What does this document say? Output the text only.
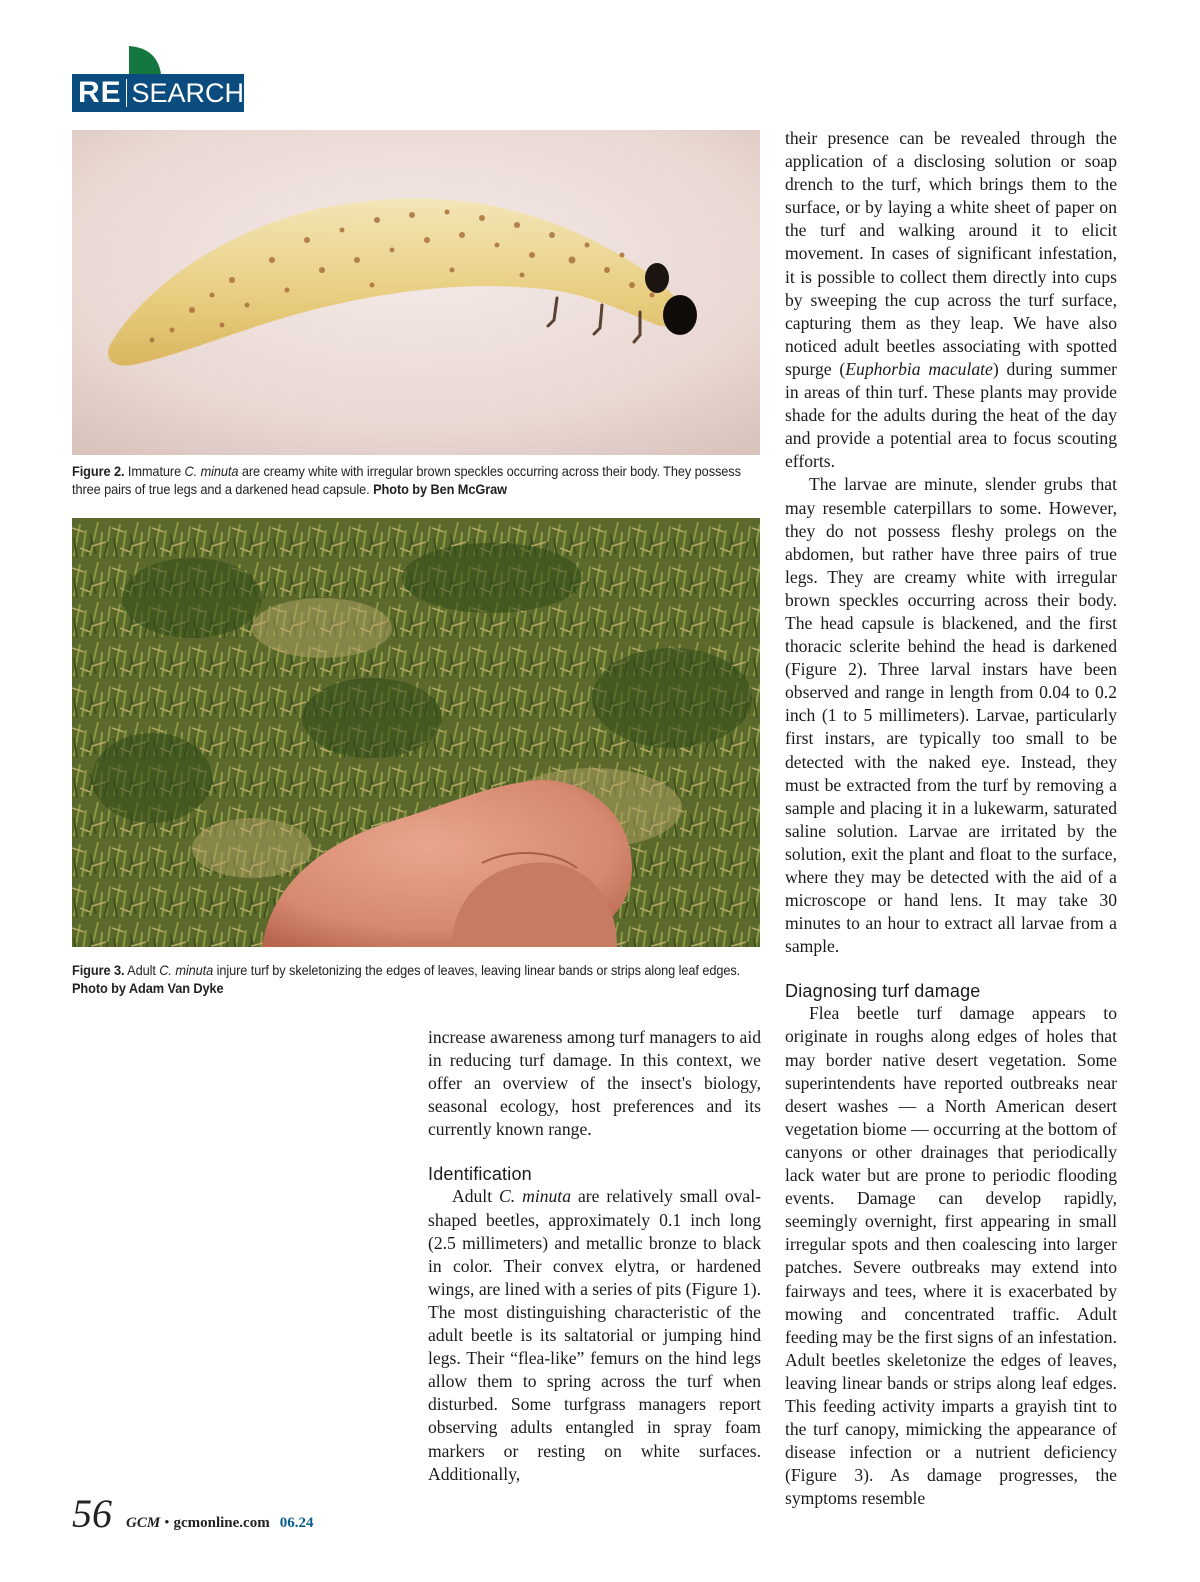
RE SEARCH
Figure 2. Immature C. minuta are creamy white with irregular brown speckles occurring across their body. They possess three pairs of true legs and a darkened head capsule. Photo by Ben McGraw
Figure 3. Adult C. minuta injure turf by skeletonizing the edges of leaves, leaving linear bands or strips along leaf edges.
Photo by Adam Van Dyke

increase awareness among turf managers to aid in reducing turf damage. In this context, we offer an overview of the insect's biology, seasonal ecology, host preferences and its currently known range.

Identification

Adult C. minuta are relatively small oval-shaped beetles, approximately 0.1 inch long (2.5 millimeters) and metallic bronze to black in color. Their convex elytra, or hardened wings, are lined with a series of pits (Figure 1). The most distinguishing characteristic of the adult beetle is its saltatorial or jumping hind legs. Their “flea-like” femurs on the hind legs allow them to spring across the turf when disturbed. Some turfgrass managers report observing adults entangled in spray foam markers or resting on white surfaces. Additionally,

their presence can be revealed through the application of a disclosing solution or soap drench to the turf, which brings them to the surface, or by laying a white sheet of paper on the turf and walking around it to elicit movement. In cases of significant infestation, it is possible to collect them directly into cups by sweeping the cup across the turf surface, capturing them as they leap. We have also noticed adult beetles associating with spotted spurge (Euphorbia maculate) during summer in areas of thin turf. These plants may provide shade for the adults during the heat of the day and provide a potential area to focus scouting efforts.

The larvae are minute, slender grubs that may resemble caterpillars to some. However, they do not possess fleshy prolegs on the abdomen, but rather have three pairs of true legs. They are creamy white with irregular brown speckles occurring across their body. The head capsule is blackened, and the first thoracic sclerite behind the head is darkened (Figure 2). Three larval instars have been observed and range in length from 0.04 to 0.2 inch (1 to 5 millimeters). Larvae, particularly first instars, are typically too small to be detected with the naked eye. Instead, they must be extracted from the turf by removing a sample and placing it in a lukewarm, saturated saline solution. Larvae are irritated by the solution, exit the plant and float to the surface, where they may be detected with the aid of a microscope or hand lens. It may take 30 minutes to an hour to extract all larvae from a sample.

Diagnosing turf damage

Flea beetle turf damage appears to originate in roughs along edges of holes that may border native desert vegetation. Some superintendents have reported outbreaks near desert washes — a North American desert vegetation biome — occurring at the bottom of canyons or other drainages that periodically lack water but are prone to periodic flooding events. Damage can develop rapidly, seemingly overnight, first appearing in small irregular spots and then coalescing into larger patches. Severe outbreaks may extend into fairways and tees, where it is exacerbated by mowing and concentrated traffic. Adult feeding may be the first signs of an infestation. Adult beetles skeletonize the edges of leaves, leaving linear bands or strips along leaf edges. This feeding activity imparts a grayish tint to the turf canopy, mimicking the appearance of disease infection or a nutrient deficiency (Figure 3). As damage progresses, the symptoms resemble

56 GCM • gcmonline.com 06.24
